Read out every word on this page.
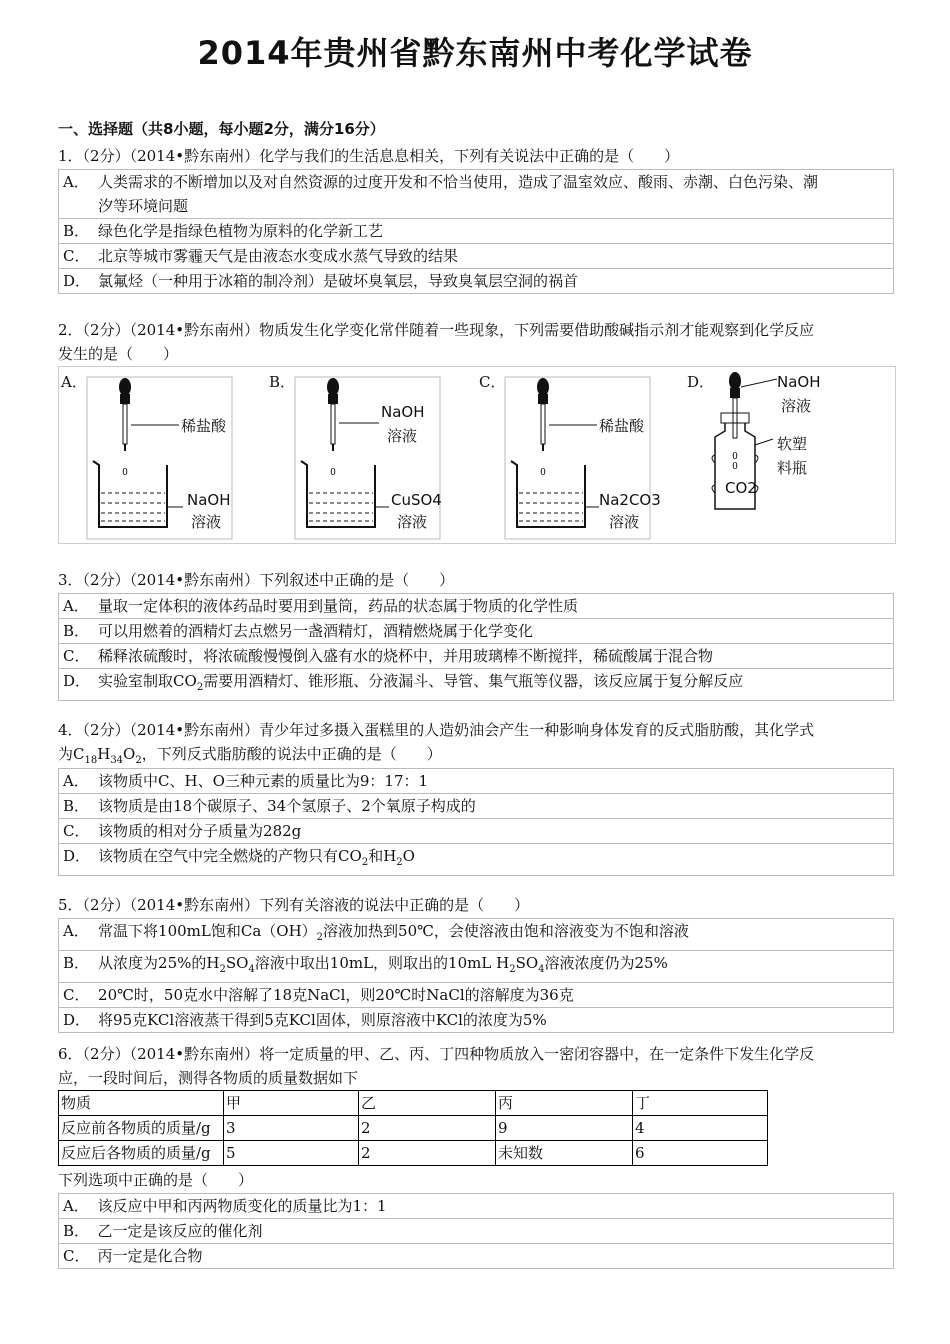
2014年贵州省黔东南州中考化学试卷
一、选择题（共8小题，每小题2分，满分16分）
1．（2分）（2014•黔东南州）化学与我们的生活息息相关，下列有关说法中正确的是（　　）
A．	人类需求的不断增加以及对自然资源的过度开发和不恰当使用，造成了温室效应、酸雨、赤潮、白色污染、潮
汐等环境问题
B．	绿色化学是指绿色植物为原料的化学新工艺
C．	北京等城市雾霾天气是由液态水变成水蒸气导致的结果
D．	氯氟烃（一种用于冰箱的制冷剂）是破坏臭氧层，导致臭氧层空洞的祸首
2．（2分）（2014•黔东南州）物质发生化学变化常伴随着一些现象，下列需要借助酸碱指示剂才能观察到化学反应
发生的是（　　）
A．
0
稀盐酸
NaOH
溶液
B．
0
NaOH
溶液
CuSO4
溶液
C．
0
稀盐酸
Na2CO3
溶液
D．
0
0
NaOH
溶液
软塑
料瓶
CO2
3．（2分）（2014•黔东南州）下列叙述中正确的是（　　）
A．	量取一定体积的液体药品时要用到量筒，药品的状态属于物质的化学性质
B．	可以用燃着的酒精灯去点燃另一盏酒精灯，酒精燃烧属于化学变化
C．	稀释浓硫酸时，将浓硫酸慢慢倒入盛有水的烧杯中，并用玻璃棒不断搅拌，稀硫酸属于混合物
D．	实验室制取$CO_2$需要用酒精灯、锥形瓶、分液漏斗、导管、集气瓶等仪器，该反应属于复分解反应
4．（2分）（2014•黔东南州）青少年过多摄入蛋糕里的人造奶油会产生一种影响身体发育的反式脂肪酸，其化学式
为$C_{18}H_{34}O_2$，下列反式脂肪酸的说法中正确的是（　　）
A．	该物质中C、H、O三种元素的质量比为9：17：1
B．	该物质是由18个碳原子、34个氢原子、2个氧原子构成的
C．	该物质的相对分子质量为282g
D．	该物质在空气中完全燃烧的产物只有$CO_2$和$H_2O$
5．（2分）（2014•黔东南州）下列有关溶液的说法中正确的是（　　）
A．	常温下将100mL饱和$Ca(OH)_2$溶液加热到50℃，会使溶液由饱和溶液变为不饱和溶液
B．	从浓度为25%的$H_2SO_4$溶液中取出10mL，则取出的10mL $H_2SO_4$溶液浓度仍为25%
C．	20℃时，50克水中溶解了18克NaCl，则20℃时NaCl的溶解度为36克
D．	将95克KCl溶液蒸干得到5克KCl固体，则原溶液中KCl的浓度为5%
6．（2分）（2014•黔东南州）将一定质量的甲、乙、丙、丁四种物质放入一密闭容器中，在一定条件下发生化学反
应，一段时间后，测得各物质的质量数据如下
物质	甲	乙	丙	丁
反应前各物质的质量/g	3	2	9	4
反应后各物质的质量/g	5	2	未知数	6
下列选项中正确的是（　　）
A．	该反应中甲和丙两物质变化的质量比为1：1
B．	乙一定是该反应的催化剂
C．	丙一定是化合物
